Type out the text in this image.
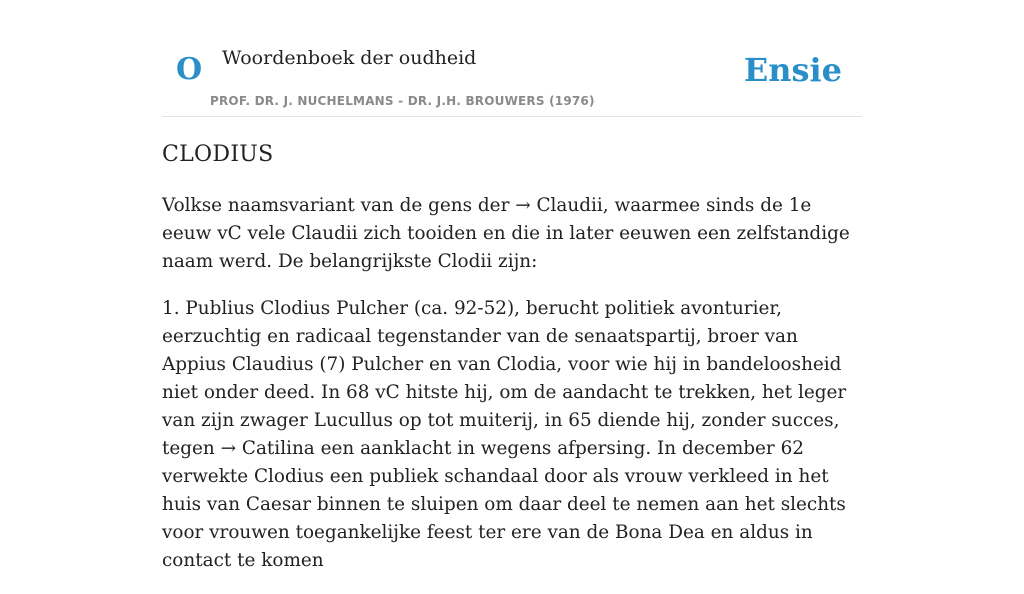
O Woordenboek der oudheid
PROF. DR. J. NUCHELMANS - DR. J.H. BROUWERS (1976)
Ensie
CLODIUS

Volkse naamsvariant van de gens der → Claudii, waarmee sinds de 1e eeuw vC vele Claudii zich tooiden en die in later eeuwen een zelfstandige naam werd. De belangrijkste Clodii zijn:

1. Publius Clodius Pulcher (ca. 92-52), berucht politiek avonturier, eerzuchtig en radicaal tegenstander van de senaatspartij, broer van Appius Claudius (7) Pulcher en van Clodia, voor wie hij in bandeloosheid niet onder deed. In 68 vC hitste hij, om de aandacht te trekken, het leger van zijn zwager Lucullus op tot muiterij, in 65 diende hij, zonder succes, tegen → Catilina een aanklacht in wegens afpersing. In december 62 verwekte Clodius een publiek schandaal door als vrouw verkleed in het huis van Caesar binnen te sluipen om daar deel te nemen aan het slechts voor vrouwen toegankelijke feest ter ere van de Bona Dea en aldus in contact te komen
